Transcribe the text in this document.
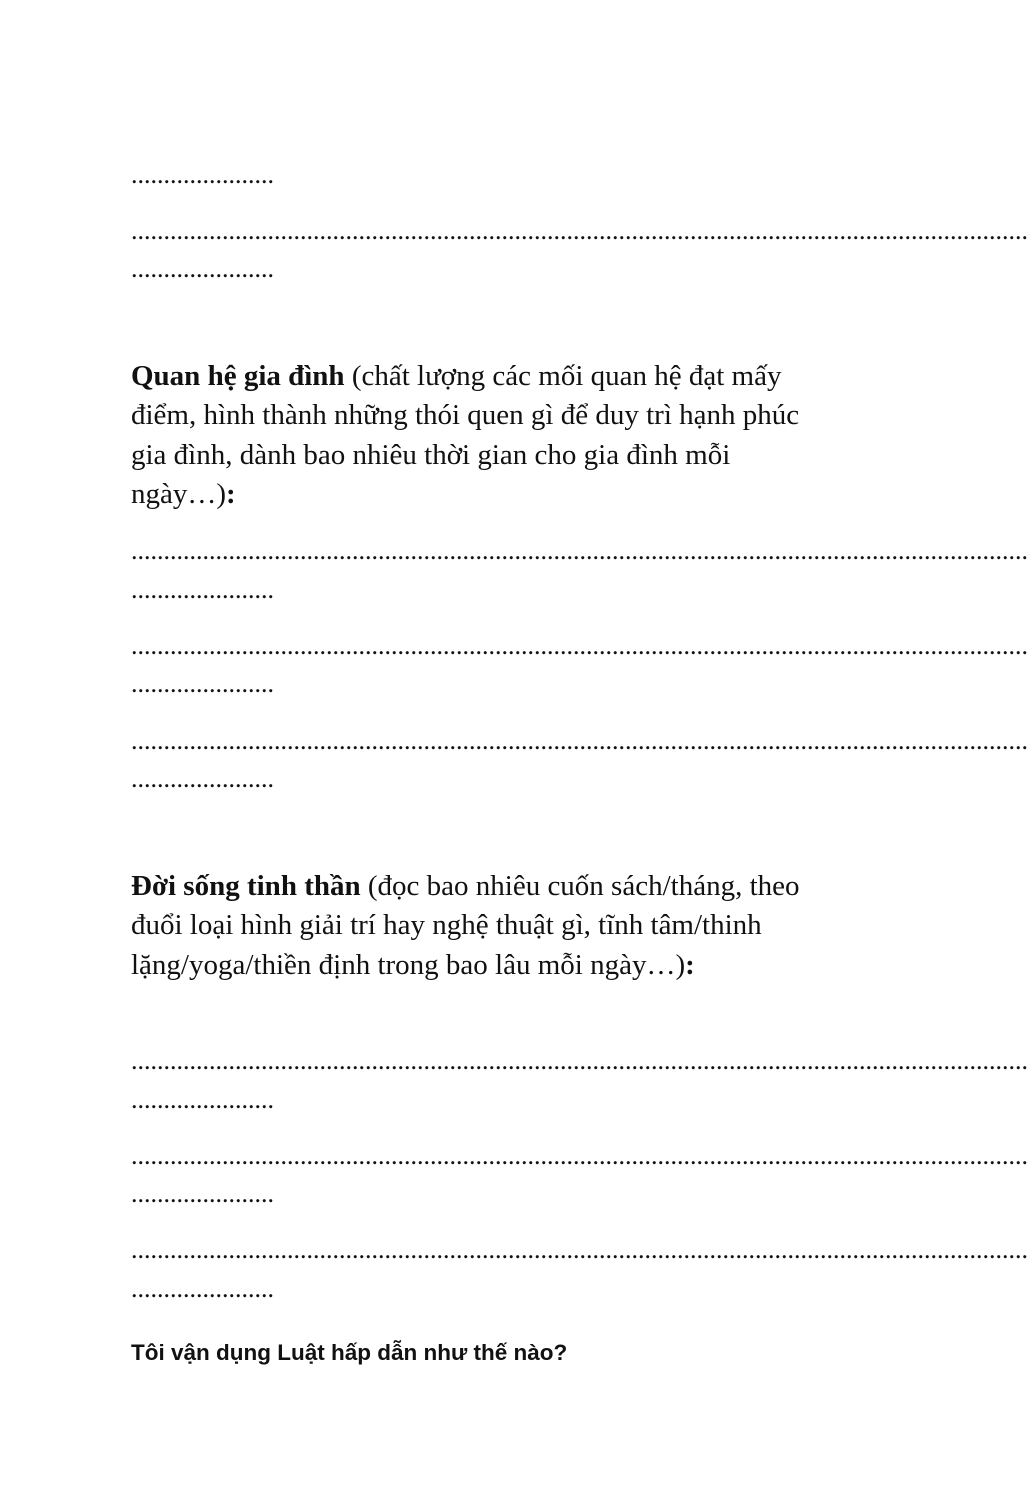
......................
..........................................................................................................................................
......................

Quan hệ gia đình (chất lượng các mối quan hệ đạt mấy điểm, hình thành những thói quen gì để duy trì hạnh phúc gia đình, dành bao nhiêu thời gian cho gia đình mỗi ngày…):

..........................................................................................................................................
......................
..........................................................................................................................................
......................
..........................................................................................................................................
......................

Đời sống tinh thần (đọc bao nhiêu cuốn sách/tháng, theo đuổi loại hình giải trí hay nghệ thuật gì, tĩnh tâm/thinh lặng/yoga/thiền định trong bao lâu mỗi ngày…):

..........................................................................................................................................
......................
..........................................................................................................................................
......................
..........................................................................................................................................
......................

Tôi vận dụng Luật hấp dẫn như thế nào?
